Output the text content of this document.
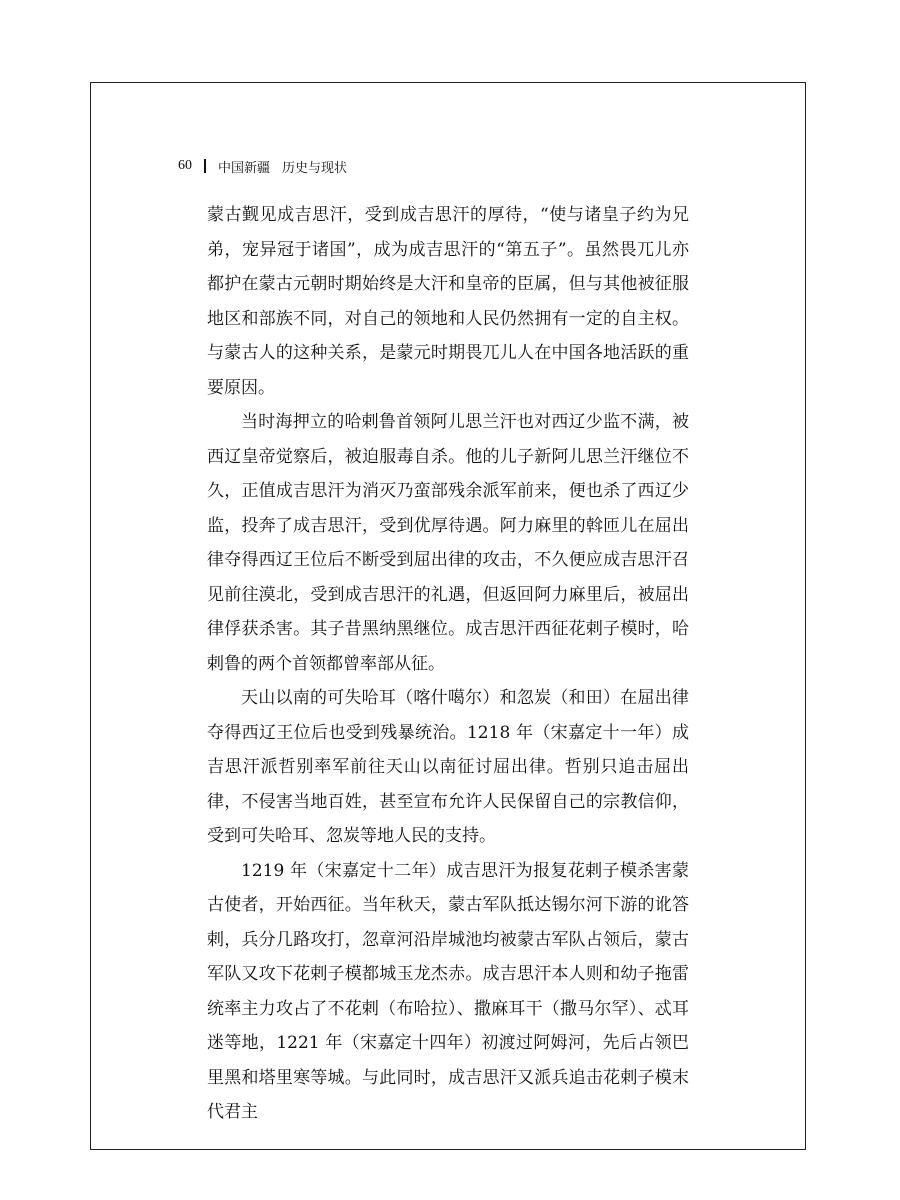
60 中国新疆 历史与现状

蒙古觐见成吉思汗，受到成吉思汗的厚待，“使与诸皇子约为兄弟，宠异冠于诸国”，成为成吉思汗的“第五子”。虽然畏兀儿亦都护在蒙古元朝时期始终是大汗和皇帝的臣属，但与其他被征服地区和部族不同，对自己的领地和人民仍然拥有一定的自主权。与蒙古人的这种关系，是蒙元时期畏兀儿人在中国各地活跃的重要原因。

当时海押立的哈剌鲁首领阿儿思兰汗也对西辽少监不满，被西辽皇帝觉察后，被迫服毒自杀。他的儿子新阿儿思兰汗继位不久，正值成吉思汗为消灭乃蛮部残余派军前来，便也杀了西辽少监，投奔了成吉思汗，受到优厚待遇。阿力麻里的斡匝儿在屈出律夺得西辽王位后不断受到屈出律的攻击，不久便应成吉思汗召见前往漠北，受到成吉思汗的礼遇，但返回阿力麻里后，被屈出律俘获杀害。其子昔黑纳黑继位。成吉思汗西征花剌子模时，哈剌鲁的两个首领都曾率部从征。

天山以南的可失哈耳（喀什噶尔）和忽炭（和田）在屈出律夺得西辽王位后也受到残暴统治。1218 年（宋嘉定十一年）成吉思汗派哲别率军前往天山以南征讨屈出律。哲别只追击屈出律，不侵害当地百姓，甚至宣布允许人民保留自己的宗教信仰，受到可失哈耳、忽炭等地人民的支持。

1219 年（宋嘉定十二年）成吉思汗为报复花剌子模杀害蒙古使者，开始西征。当年秋天，蒙古军队抵达锡尔河下游的讹答剌，兵分几路攻打，忽章河沿岸城池均被蒙古军队占领后，蒙古军队又攻下花剌子模都城玉龙杰赤。成吉思汗本人则和幼子拖雷统率主力攻占了不花剌（布哈拉）、撒麻耳干（撒马尔罕）、忒耳迷等地，1221 年（宋嘉定十四年）初渡过阿姆河，先后占领巴里黑和塔里寒等城。与此同时，成吉思汗又派兵追击花剌子模末代君主
